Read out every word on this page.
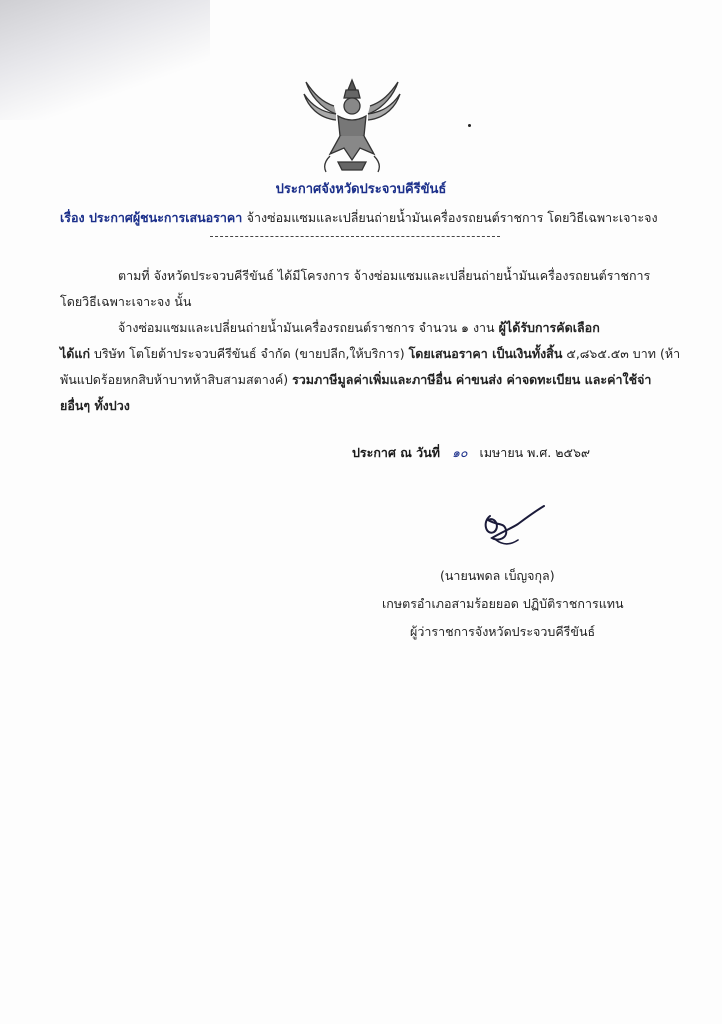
ประกาศจังหวัดประจวบคีรีขันธ์
เรื่อง ประกาศผู้ชนะการเสนอราคา จ้างซ่อมแซมและเปลี่ยนถ่ายน้ำมันเครื่องรถยนต์ราชการ โดยวิธีเฉพาะเจาะจง
ตามที่ จังหวัดประจวบคีรีขันธ์ ได้มีโครงการ จ้างซ่อมแซมและเปลี่ยนถ่ายน้ำมันเครื่องรถยนต์ราชการ
โดยวิธีเฉพาะเจาะจง นั้น
จ้างซ่อมแซมและเปลี่ยนถ่ายน้ำมันเครื่องรถยนต์ราชการ จำนวน ๑ งาน ผู้ได้รับการคัดเลือก
ได้แก่ บริษัท โตโยต้าประจวบคีรีขันธ์ จำกัด (ขายปลีก,ให้บริการ) โดยเสนอราคา เป็นเงินทั้งสิ้น ๕,๘๖๕.๕๓ บาท (ห้า
พันแปดร้อยหกสิบห้าบาทห้าสิบสามสตางค์) รวมภาษีมูลค่าเพิ่มและภาษีอื่น ค่าขนส่ง ค่าจดทะเบียน และค่าใช้จ่า
ยอื่นๆ ทั้งปวง
ประกาศ ณ วันที่ ๑๐ เมษายน พ.ศ. ๒๕๖๙
(นายนพดล เบ็ญจกุล)
เกษตรอำเภอสามร้อยยอด ปฏิบัติราชการแทน
ผู้ว่าราชการจังหวัดประจวบคีรีขันธ์
